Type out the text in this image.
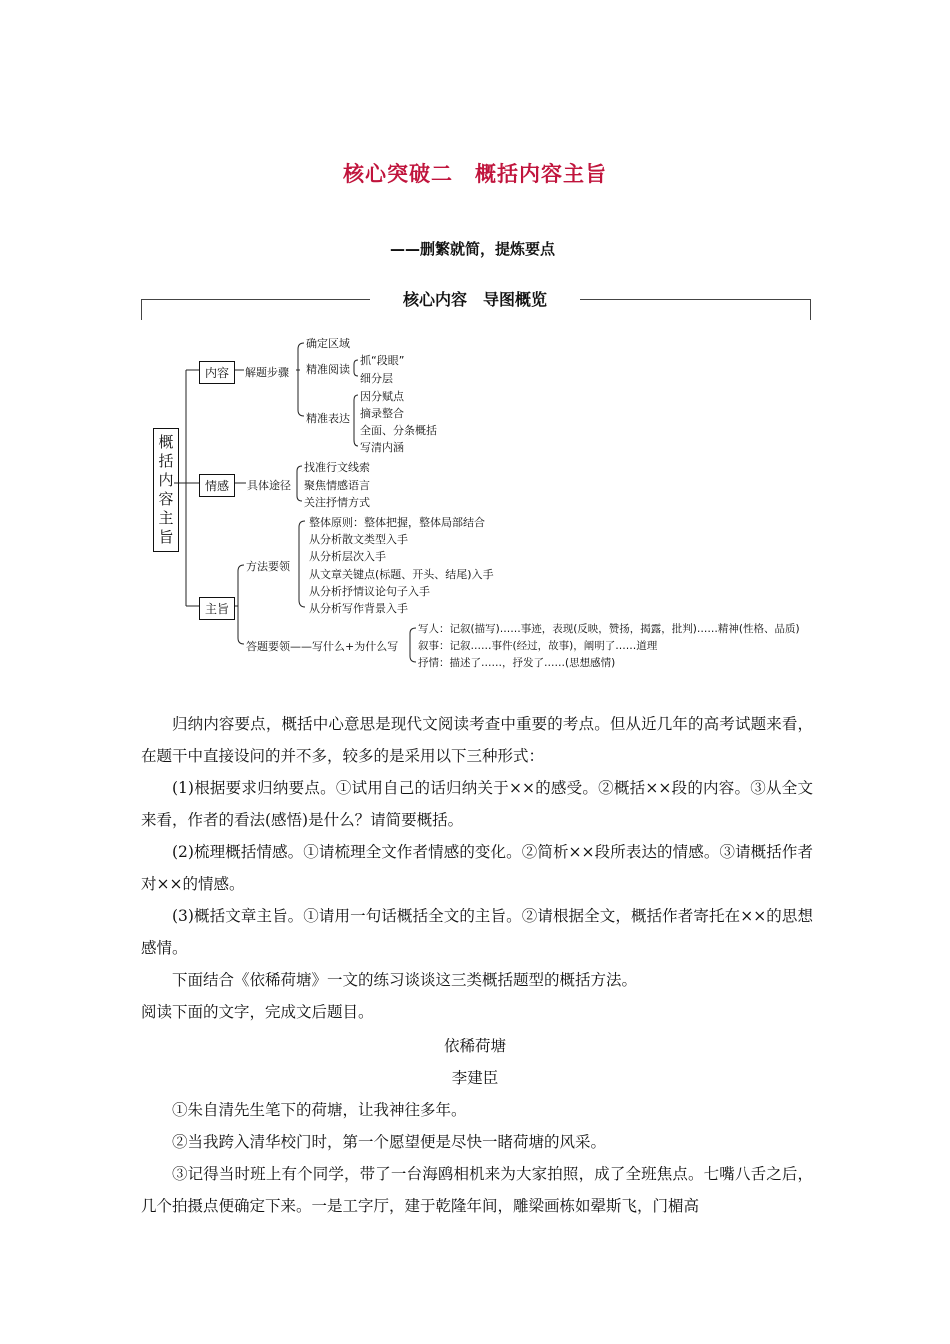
核心突破二　概括内容主旨
——删繁就简，提炼要点
核心内容　导图概览
概括内容主旨
内容	解题步骤
确定区域
精准阅读
抓“段眼”
细分层
精准表达
因分赋点
摘录整合
全面、分条概括
写清内涵
情感	具体途径
找准行文线索
聚焦情感语言
关注抒情方式
主旨
方法要领
整体原则：整体把握，整体局部结合
从分析散文类型入手
从分析层次入手
从文章关键点(标题、开头、结尾)入手
从分析抒情议论句子入手
从分析写作背景入手
答题要领——写什么+为什么写
写人：记叙(描写)……事迹，表现(反映，赞扬，揭露，批判)……精神(性格、品质)
叙事：记叙……事件(经过，故事)，阐明了……道理
抒情：描述了……，抒发了……(思想感情)
归纳内容要点，概括中心意思是现代文阅读考查中重要的考点。但从近几年的高考试题来看，在题干中直接设问的并不多，较多的是采用以下三种形式：
(1)根据要求归纳要点。①试用自己的话归纳关于××的感受。②概括××段的内容。③从全文来看，作者的看法(感悟)是什么？请简要概括。
(2)梳理概括情感。①请梳理全文作者情感的变化。②简析××段所表达的情感。③请概括作者对××的情感。
(3)概括文章主旨。①请用一句话概括全文的主旨。②请根据全文，概括作者寄托在××的思想感情。
下面结合《依稀荷塘》一文的练习谈谈这三类概括题型的概括方法。
阅读下面的文字，完成文后题目。
依稀荷塘
李建臣
①朱自清先生笔下的荷塘，让我神往多年。
②当我跨入清华校门时，第一个愿望便是尽快一睹荷塘的风采。
③记得当时班上有个同学，带了一台海鸥相机来为大家拍照，成了全班焦点。七嘴八舌之后，几个拍摄点便确定下来。一是工字厅，建于乾隆年间，雕梁画栋如翚斯飞，门楣高
